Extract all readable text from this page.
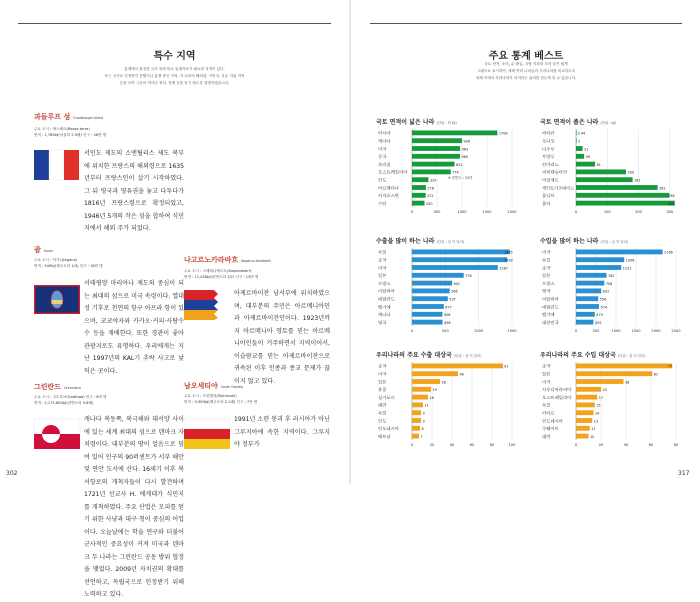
특수 지역
통계에서 완전한 국가 외에 따로 통계자료가 필요한 지역이 있다.
또는 국가로 인정받지 못했거나 분쟁 중인 지역, 각 나라의 해외령, 식민지, 특수 지위 지역
등을 모아 그곳의 역사나 정치, 경제 등을 알기 쉽도록 설명하였습니다.
과들루프 섬 Guadeloupe Island
주요 도시 : 바스테르(Basse-terre)
면적 : 1,780㎢(서울의 2.9배) 인구 : 46만 명
서인도 제도의 소앤틸리스 제도 북부에 위치한 프랑스의 해외령으로 1635년부터 프랑스인이 살기 시작하였다. 그 뒤 영국과 영유권을 놓고 다투다가 1816년 프랑스령으로 확정되었고, 1946년 5개의 작은 섬을 합하여 식민지에서 해외 주가 되었다.
괌 Guam
주요 도시 : 아가냐(Agana)
면적 : 549㎢(제주도의 1/3) 인구 : 18만 명
서태평양 마리아나 제도의 중심이 되는 최대의 섬으로 미국 속령이다. 열대성 기후로 천연의 항구 아프라 항이 있으며, 코코야자와 카카오·커피·사탕수수 등을 재배한다. 또한 경관이 좋아 관광지로도 유명하다. 우리에게는 지난 1997년의 KAL기 추락 사고로 낯익은 곳이다.
그린란드 Greenland
주요 도시 : 고트호브(Godthab) 인구 : 6만 명
면적 : 2,175,600㎢(한반도의 9.8배)
캐나다 북동쪽, 북극해와 대서양 사이에 있는 세계 최대의 섬으로 덴마크 자치령이다. 대부분의 땅이 얼음으로 덮여 있어 인구의 90퍼센트가 서부 해안 및 연안 도서에 산다. 16세기 이후 북서항로의 개척자들이 다시 발견하며 1721년 선교사 H. 에게데가 식민지를 개척하였다. 주요 산업은 모피를 얻기 위한 사냥과 대구·청어 중심의 어업이다. 오늘날에는 학술 연구와 더불어 군사적인 중요성이 커져 미국과 덴마크 두 나라는 그린란드 공동 방위 협정을 맺었다. 2009년 자치권의 확대를 선언하고, 독립국으로 인정받기 위해 노력하고 있다.
나고르노카라바흐 Nagorno-Karabakh
주요 도시 : 스테파나케르트(Stepanakert)
면적 : 11,458㎢(한반도의 1/2) 인구 : 13만 명
아제르바이잔 남서부에 위치하였으며, 대부분의 주민은 아르메니아인과 아제르바이잔인이다. 1923년까지 아르메니아 영토를 믿는 아르메니아인들이 거주하면서 지역이어서, 이슬람교를 믿는 아제르바이잔으로 귀속된 이후 인종과 종교 문제가 끊이지 않고 있다.
남오세티야 South Ossetia
주요 도시 : 츠힌발리(Tskhinvali)
면적 : 3,900㎢(제주도의 2.1배) 인구 : 7만 명
1991년 소련 붕괴 후 러시아가 아닌 그루지아에 속한 지역이다. 그루지야 정부가
302
주요 통계 베스트
국토 면적, 소비, 수·출입, 국방 지표를 모아 알기 쉽게
그래프로 표시하여, 세계 여러 나라들과 우리나라를 비교하도록
세계 속에서 우리나라가 차지하는 위치를 한눈에 알 수 있습니다.
국토 면적이 넓은 나라 (단위 : 만 ㎢)
0	500	1000	1500	2000
러시아	1708
캐나다	998
미국	963
중국	960
브라질	851
오스트레일리아	774
인도	329
아르헨티나	278
카자흐스탄	272
수단	250
※ 한반도 : 22만
국토 면적이 좁은 나라 (단위 : ㎢)
0	100	200	300
바티칸	0.44
모나코	2
나우루	21
투발루	26
산마리노	61
리히텐슈타인	160
마셜제도	181
세인트키츠네비스	261
몰디브	298
몰타	316
수출을 많이 하는 나라 (단위 : 십 억 달러)
0	500	1000	1500
독일	1465
중국	1428
미국	1287
일본	776
프랑스	601
이탈리아	566
네덜란드	537
벨기에	477
캐나다	456
영국	458
수입을 많이 하는 나라 (단위 : 십 억 달러)
0	500	1000	1500	2000	2500
미국	2166
독일	1206
중국	1131
일본	762
프랑스	708
영국	632
이탈리아	556
네덜란드	574
벨기에	470
대한민국	435
우리나라의 주요 수출 대상국 (단위 : 십 억 달러)
0	20	40	60	80	100
중국	91
미국	46
일본	28
홍콩	19
싱가포르	16
대만	11
독일	9
인도	9
인도네시아	8
베트남	7
우리나라의 주요 수입 대상국 (단위 : 십 억 달러)
0	20	40	60	80
중국	77
일본	61
미국	38
사우디아라비아	20
오스트레일리아	17
독일	15
카타르	14
인도네시아	13
쿠웨이트	11
대만	10
317
